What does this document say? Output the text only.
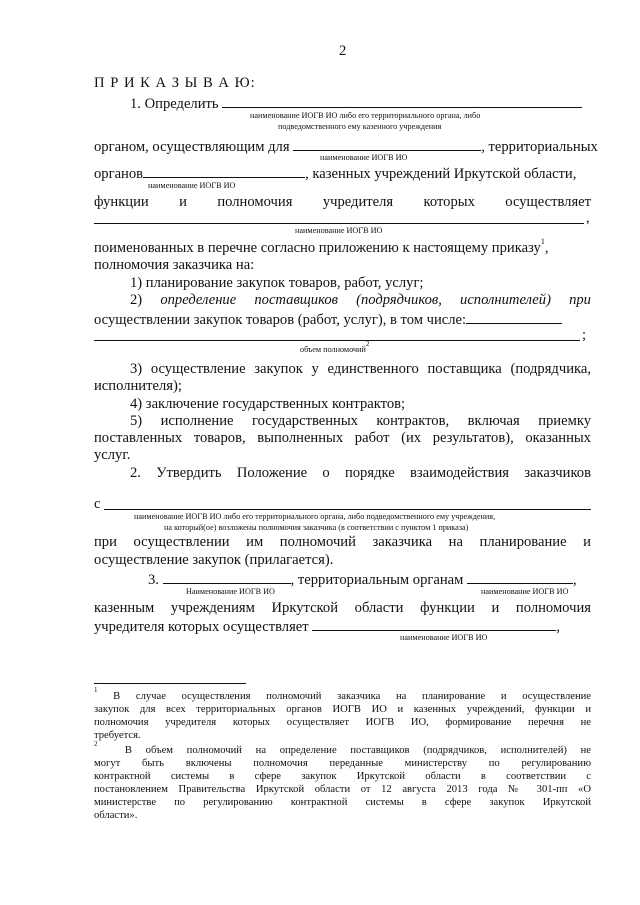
2
П Р И К А З Ы В А Ю:
1. Определить
наименование ИОГВ ИО либо его территориального органа, либо
подведомственного ему казенного учреждения
органом, осуществляющим для	, территориальных
наименование ИОГВ ИО
органов	, казенных учреждений Иркутской области,
наименование ИОГВ ИО
функции и полномочия учредителя которых осуществляет
,
наименование ИОГВ ИО
поименованных в перечне согласно приложению к настоящему приказу$^1$,
полномочия заказчика на:
1) планирование закупок товаров, работ, услуг;
2) определение поставщиков (подрядчиков, исполнителей) при
осуществлении закупок товаров (работ, услуг), в том числе:
;
объем полномочий$^2$
3) осуществление закупок у единственного поставщика (подрядчика,
исполнителя);
4) заключение государственных контрактов;
5) исполнение государственных контрактов, включая приемку
поставленных товаров, выполненных работ (их результатов), оказанных
услуг.
2. Утвердить Положение о порядке взаимодействия заказчиков
с
наименование ИОГВ ИО либо его территориального органа, либо подведомственного ему учреждения,
на который(ое) возложены полномочия заказчика (в соответствии с пунктом 1 приказа)
при осуществлении им полномочий заказчика на планирование и
осуществление закупок (прилагается).
3.	, территориальным органам	,
Наименование ИОГВ ИО	наименование ИОГВ ИО
казенным учреждениям Иркутской области функции и полномочия
учредителя которых осуществляет	,
наименование ИОГВ ИО
$^1$ В случае осуществления полномочий заказчика на планирование и осуществление
закупок для всех территориальных органов ИОГВ ИО и казенных учреждений, функции и
полномочия учредителя которых осуществляет ИОГВ ИО, формирование перечня не
требуется.
$^2$  В объем полномочий на определение поставщиков (подрядчиков, исполнителей) не
могут быть включены полномочия переданные министерству по регулированию
контрактной системы в сфере закупок Иркутской области в соответствии с
постановлением Правительства Иркутской области от 12 августа 2013 года № 301-пп «О
министерстве по регулированию контрактной системы в сфере закупок Иркутской
области».
